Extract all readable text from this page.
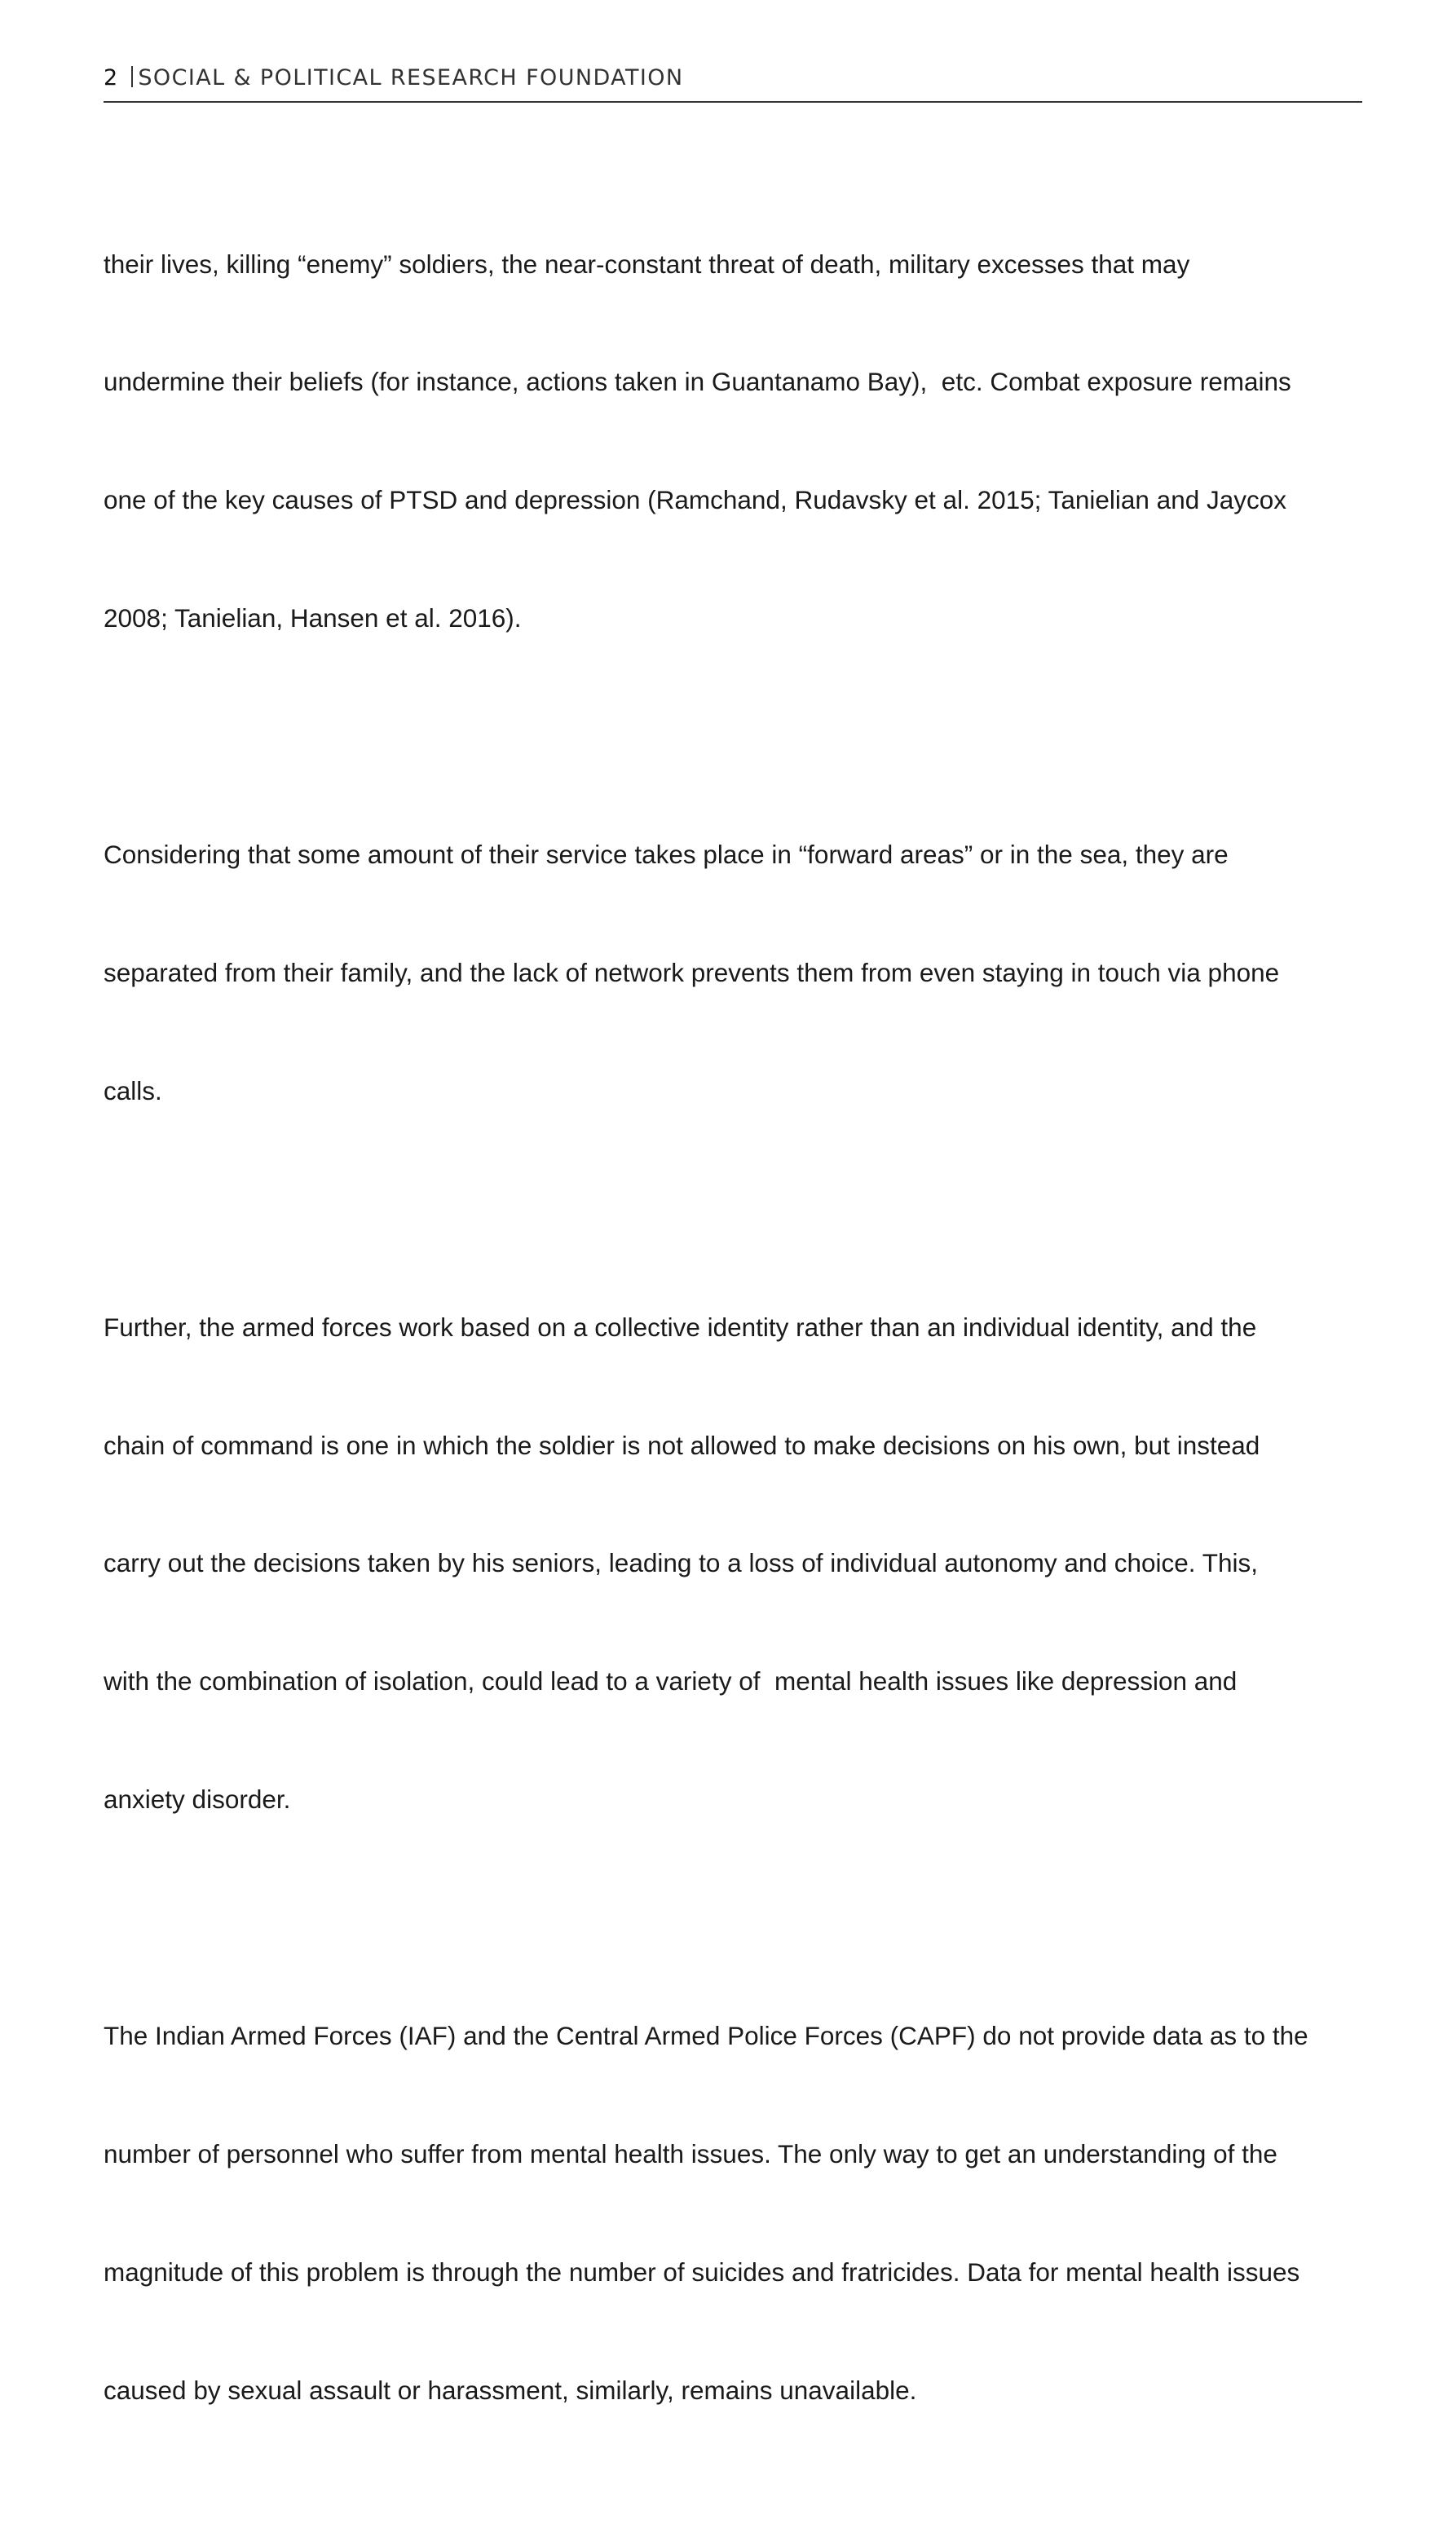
2 SOCIAL & POLITICAL RESEARCH FOUNDATION

their lives, killing “enemy” soldiers, the near-constant threat of death, military excesses that may

undermine their beliefs (for instance, actions taken in Guantanamo Bay),  etc. Combat exposure remains

one of the key causes of PTSD and depression (Ramchand, Rudavsky et al. 2015; Tanielian and Jaycox

2008; Tanielian, Hansen et al. 2016).

Considering that some amount of their service takes place in “forward areas” or in the sea, they are

separated from their family, and the lack of network prevents them from even staying in touch via phone

calls.

Further, the armed forces work based on a collective identity rather than an individual identity, and the

chain of command is one in which the soldier is not allowed to make decisions on his own, but instead

carry out the decisions taken by his seniors, leading to a loss of individual autonomy and choice. This,

with the combination of isolation, could lead to a variety of  mental health issues like depression and

anxiety disorder.

The Indian Armed Forces (IAF) and the Central Armed Police Forces (CAPF) do not provide data as to the

number of personnel who suffer from mental health issues. The only way to get an understanding of the

magnitude of this problem is through the number of suicides and fratricides. Data for mental health issues

caused by sexual assault or harassment, similarly, remains unavailable.
